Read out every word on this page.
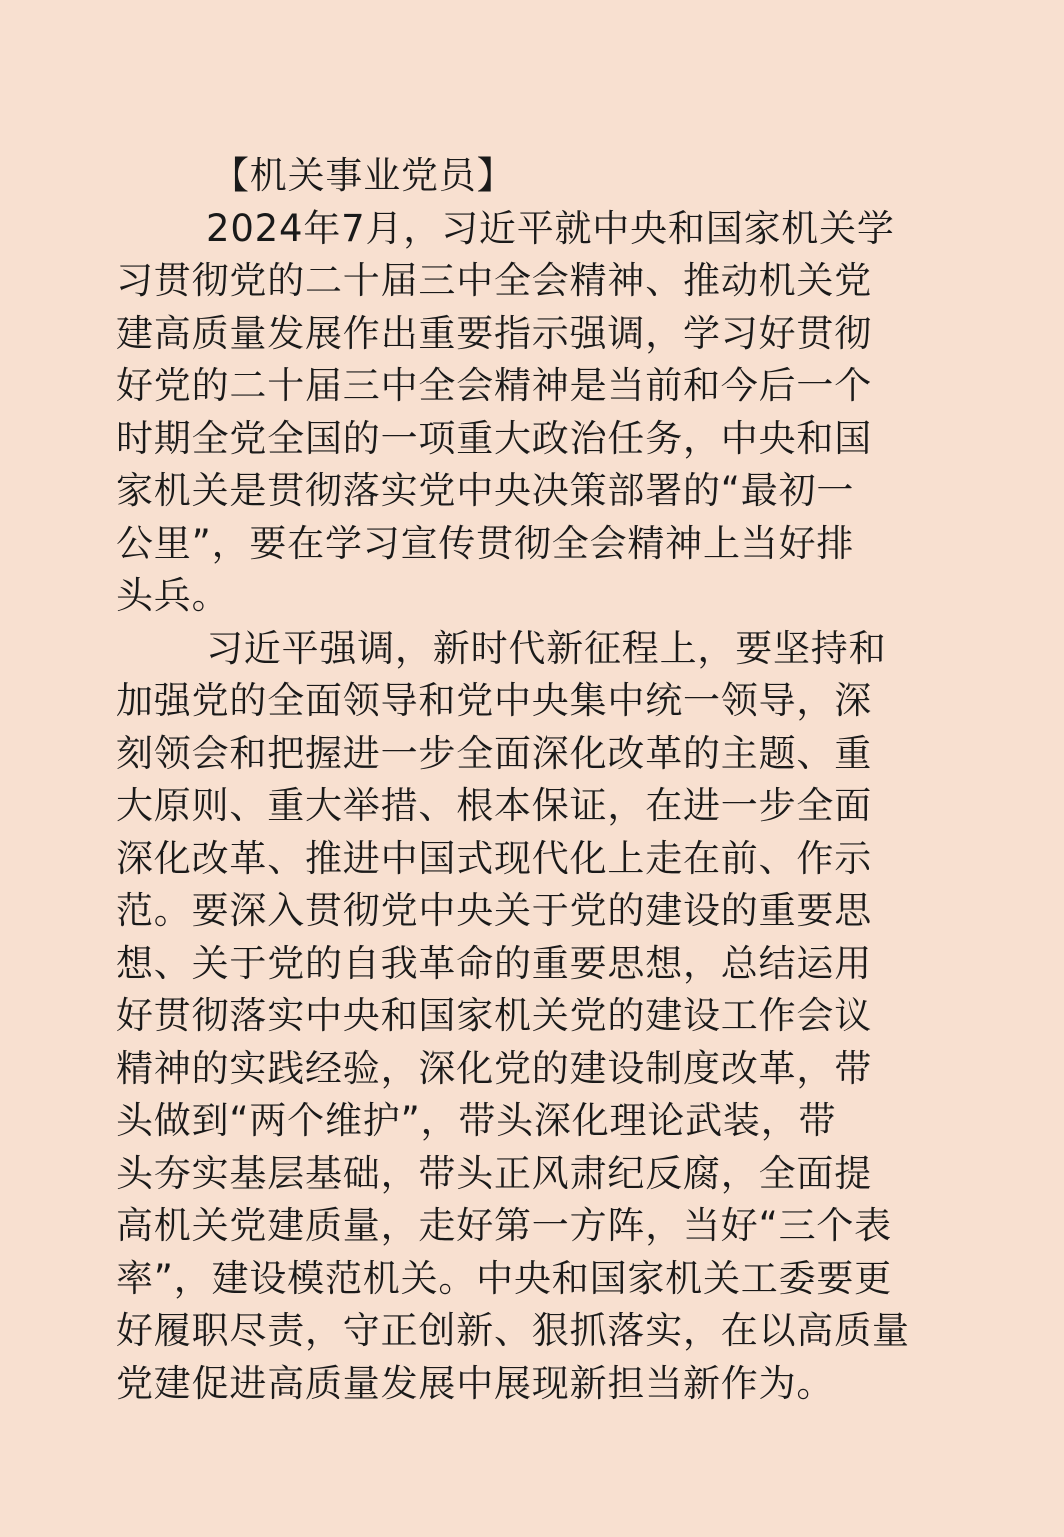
【机关事业党员】
2024年7月，习近平就中央和国家机关学
习贯彻党的二十届三中全会精神、推动机关党
建高质量发展作出重要指示强调，学习好贯彻
好党的二十届三中全会精神是当前和今后一个
时期全党全国的一项重大政治任务，中央和国
家机关是贯彻落实党中央决策部署的“最初一
公里”，要在学习宣传贯彻全会精神上当好排
头兵。
习近平强调，新时代新征程上，要坚持和
加强党的全面领导和党中央集中统一领导，深
刻领会和把握进一步全面深化改革的主题、重
大原则、重大举措、根本保证，在进一步全面
深化改革、推进中国式现代化上走在前、作示
范。要深入贯彻党中央关于党的建设的重要思
想、关于党的自我革命的重要思想，总结运用
好贯彻落实中央和国家机关党的建设工作会议
精神的实践经验，深化党的建设制度改革，带
头做到“两个维护”，带头深化理论武装，带
头夯实基层基础，带头正风肃纪反腐，全面提
高机关党建质量，走好第一方阵，当好“三个表
率”，建设模范机关。中央和国家机关工委要更
好履职尽责，守正创新、狠抓落实，在以高质量
党建促进高质量发展中展现新担当新作为。
